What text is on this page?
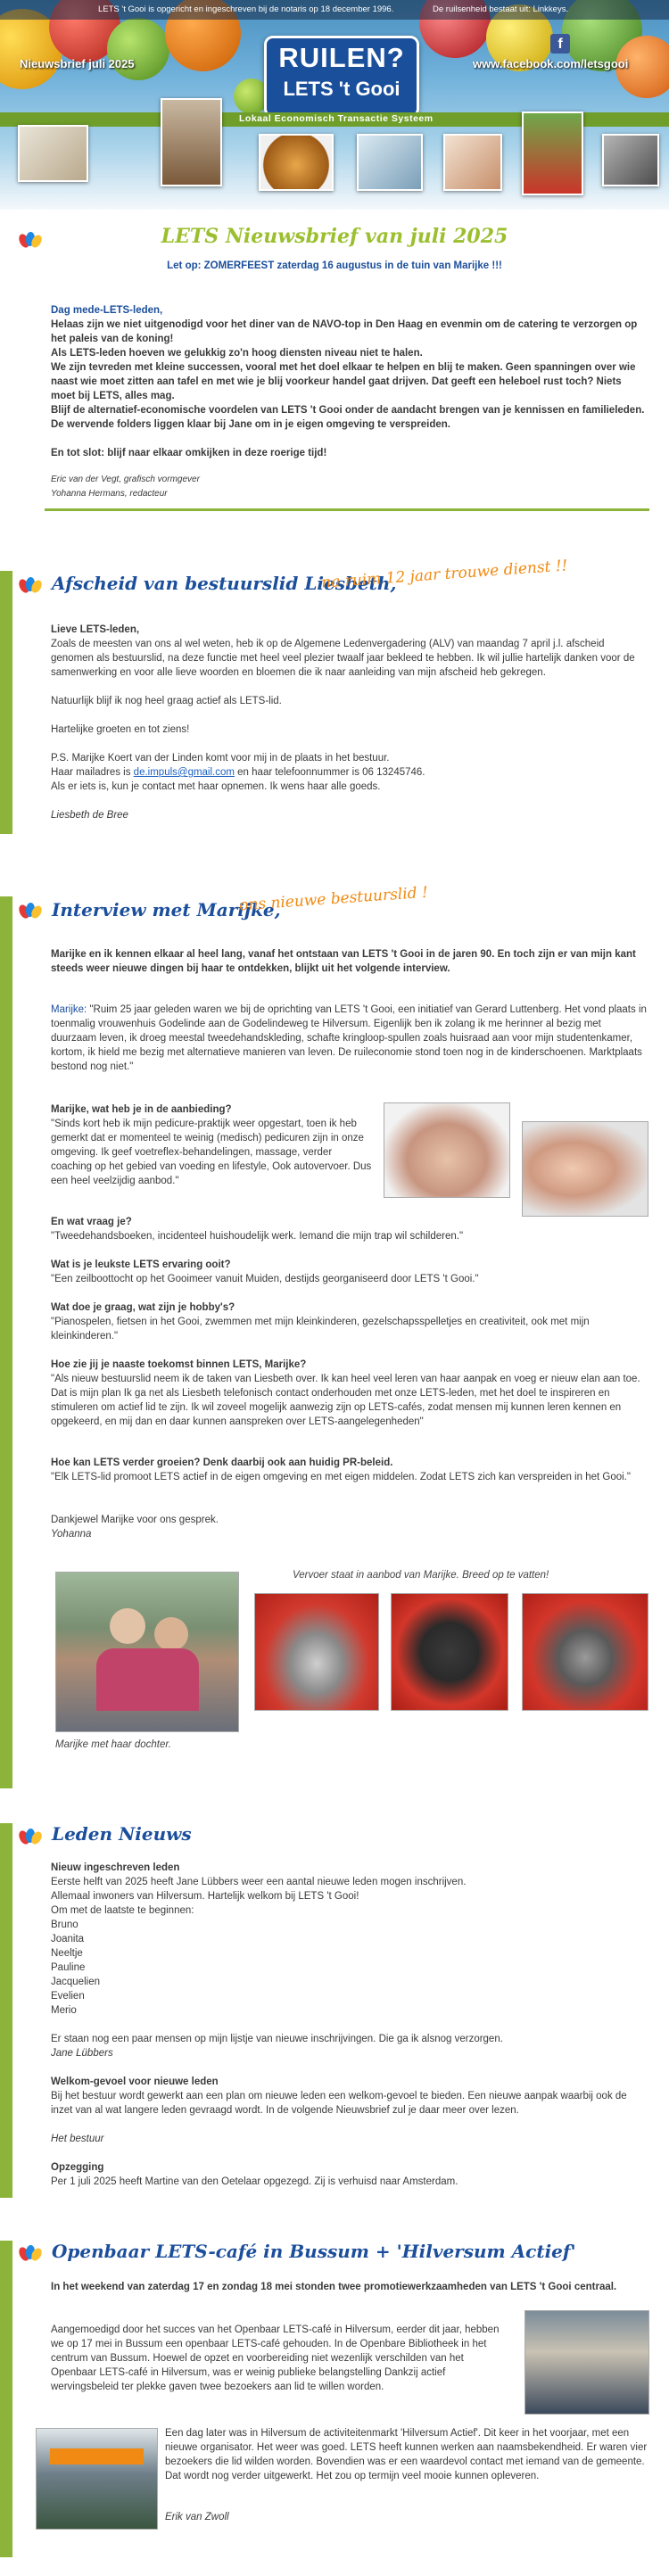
LETS 't Gooi is opgericht en ingeschreven bij de notaris op 18 december 1996.	De ruilsenheid bestaat uit: Linkkeys.
Nieuwsbrief juli 2025
f
www.facebook.com/letsgooi
RUILEN?
LETS 't Gooi
Lokaal Economisch Transactie Systeem
LETS Nieuwsbrief van juli 2025
Let op: ZOMERFEEST zaterdag 16 augustus in de tuin van Marijke !!!
Dag mede-LETS-leden,
Helaas zijn we niet uitgenodigd voor het diner van de NAVO-top in Den Haag en evenmin om de catering te verzorgen op het paleis van de koning!
Als LETS-leden hoeven we gelukkig zo'n hoog diensten niveau niet te halen.
We zijn tevreden met kleine successen, vooral met het doel elkaar te helpen en blij te maken. Geen spanningen over wie naast wie moet zitten aan tafel en met wie je blij voorkeur handel gaat drijven. Dat geeft een heleboel rust toch? Niets moet bij LETS, alles mag.
Blijf de alternatief-economische voordelen van LETS 't Gooi onder de aandacht brengen van je kennissen en familieleden. De wervende folders liggen klaar bij Jane om in je eigen omgeving te verspreiden.
En tot slot: blijf naar elkaar omkijken in deze roerige tijd!
Eric van der Vegt, grafisch vormgever
Yohanna Hermans, redacteur
Afscheid van bestuurslid Liesbeth,
na ruim 12 jaar trouwe dienst !!
Lieve LETS-leden,
Zoals de meesten van ons al wel weten, heb ik op de Algemene Ledenvergadering (ALV) van maandag 7 april j.l. afscheid genomen als bestuurslid, na deze functie met heel veel plezier twaalf jaar bekleed te hebben. Ik wil jullie hartelijk danken voor de samenwerking en voor alle lieve woorden en bloemen die ik naar aanleiding van mijn afscheid heb gekregen.
Natuurlijk blijf ik nog heel graag actief als LETS-lid.
Hartelijke groeten en tot ziens!
P.S. Marijke Koert van der Linden komt voor mij in de plaats in het bestuur.
Haar mailadres is de.impuls@gmail.com en haar telefoonnummer is 06 13245746.
Als er iets is, kun je contact met haar opnemen. Ik wens haar alle goeds.
Liesbeth de Bree
Interview met Marijke,
ons nieuwe bestuurslid !
Marijke en ik kennen elkaar al heel lang, vanaf het ontstaan van LETS 't Gooi in de jaren 90. En toch zijn er van mijn kant steeds weer nieuwe dingen bij haar te ontdekken, blijkt uit het volgende interview.
Marijke: "Ruim 25 jaar geleden waren we bij de oprichting van LETS 't Gooi, een initiatief van Gerard Luttenberg. Het vond plaats in toenmalig vrouwenhuis Godelinde aan de Godelindeweg te Hilversum. Eigenlijk ben ik zolang ik me herinner al bezig met duurzaam leven, ik droeg meestal tweedehandskleding, schafte kringloop-spullen zoals huisraad aan voor mijn studentenkamer, kortom, ik hield me bezig met alternatieve manieren van leven. De ruileconomie stond toen nog in de kinderschoenen. Marktplaats bestond nog niet."
Marijke, wat heb je in de aanbieding?
"Sinds kort heb ik mijn pedicure-praktijk weer opgestart, toen ik heb gemerkt dat er momenteel te weinig (medisch) pedicuren zijn in onze omgeving. Ik geef voetreflex-behandelingen, massage, verder coaching op het gebied van voeding en lifestyle, Ook autovervoer. Dus een heel veelzijdig aanbod."
En wat vraag je?
"Tweedehandsboeken, incidenteel huishoudelijk werk. Iemand die mijn trap wil schilderen."
Wat is je leukste LETS ervaring ooit?
"Een zeilboottocht op het Gooimeer vanuit Muiden, destijds georganiseerd door LETS 't Gooi."
Wat doe je graag, wat zijn je hobby's?
"Pianospelen, fietsen in het Gooi, zwemmen met mijn kleinkinderen, gezelschapsspelletjes en creativiteit, ook met mijn kleinkinderen."
Hoe zie jij je naaste toekomst binnen LETS, Marijke?
"Als nieuw bestuurslid neem ik de taken van Liesbeth over. Ik kan heel veel leren van haar aanpak en voeg er nieuw elan aan toe. Dat is mijn plan Ik ga net als Liesbeth telefonisch contact onderhouden met onze LETS-leden, met het doel te inspireren en stimuleren om actief lid te zijn. Ik wil zoveel mogelijk aanwezig zijn op LETS-cafés, zodat mensen mij kunnen leren kennen en opgekeerd, en mij dan en daar kunnen aanspreken over LETS-aangelegenheden"
Hoe kan LETS verder groeien? Denk daarbij ook aan huidig PR-beleid.
"Elk LETS-lid promoot LETS actief in de eigen omgeving en met eigen middelen. Zodat LETS zich kan verspreiden in het Gooi."
Dankjewel Marijke voor ons gesprek.
Yohanna
Vervoer staat in aanbod van Marijke. Breed op te vatten!
Marijke met haar dochter.
Leden Nieuws
Nieuw ingeschreven leden
Eerste helft van 2025 heeft Jane Lübbers weer een aantal nieuwe leden mogen inschrijven.
Allemaal inwoners van Hilversum. Hartelijk welkom bij LETS 't Gooi!
Om met de laatste te beginnen:
Bruno
Joanita
Neeltje
Pauline
Jacquelien
Evelien
Merio
Er staan nog een paar mensen op mijn lijstje van nieuwe inschrijvingen. Die ga ik alsnog verzorgen.
Jane Lübbers
Welkom-gevoel voor nieuwe leden
Bij het bestuur wordt gewerkt aan een plan om nieuwe leden een welkom-gevoel te bieden. Een nieuwe aanpak waarbij ook de inzet van al wat langere leden gevraagd wordt. In de volgende Nieuwsbrief zul je daar meer over lezen.
Het bestuur
Opzegging
Per 1 juli 2025 heeft Martine van den Oetelaar opgezegd. Zij is verhuisd naar Amsterdam.
Openbaar LETS-café in Bussum + 'Hilversum Actief'
In het weekend van zaterdag 17 en zondag 18 mei stonden twee promotiewerkzaamheden van LETS 't Gooi centraal.
Aangemoedigd door het succes van het Openbaar LETS-café in Hilversum, eerder dit jaar, hebben we op 17 mei in Bussum een openbaar LETS-café gehouden. In de Openbare Bibliotheek in het centrum van Bussum. Hoewel de opzet en voorbereiding niet wezenlijk verschilden van het Openbaar LETS-café in Hilversum, was er weinig publieke belangstelling Dankzij actief wervingsbeleid ter plekke gaven twee bezoekers aan lid te willen worden.
Een dag later was in Hilversum de activiteitenmarkt 'Hilversum Actief'. Dit keer in het voorjaar, met een nieuwe organisator. Het weer was goed. LETS heeft kunnen werken aan naamsbekendheid. Er waren vier bezoekers die lid wilden worden. Bovendien was er een waardevol contact met iemand van de gemeente. Dat wordt nog verder uitgewerkt. Het zou op termijn veel mooie kunnen opleveren.
Erik van Zwoll
